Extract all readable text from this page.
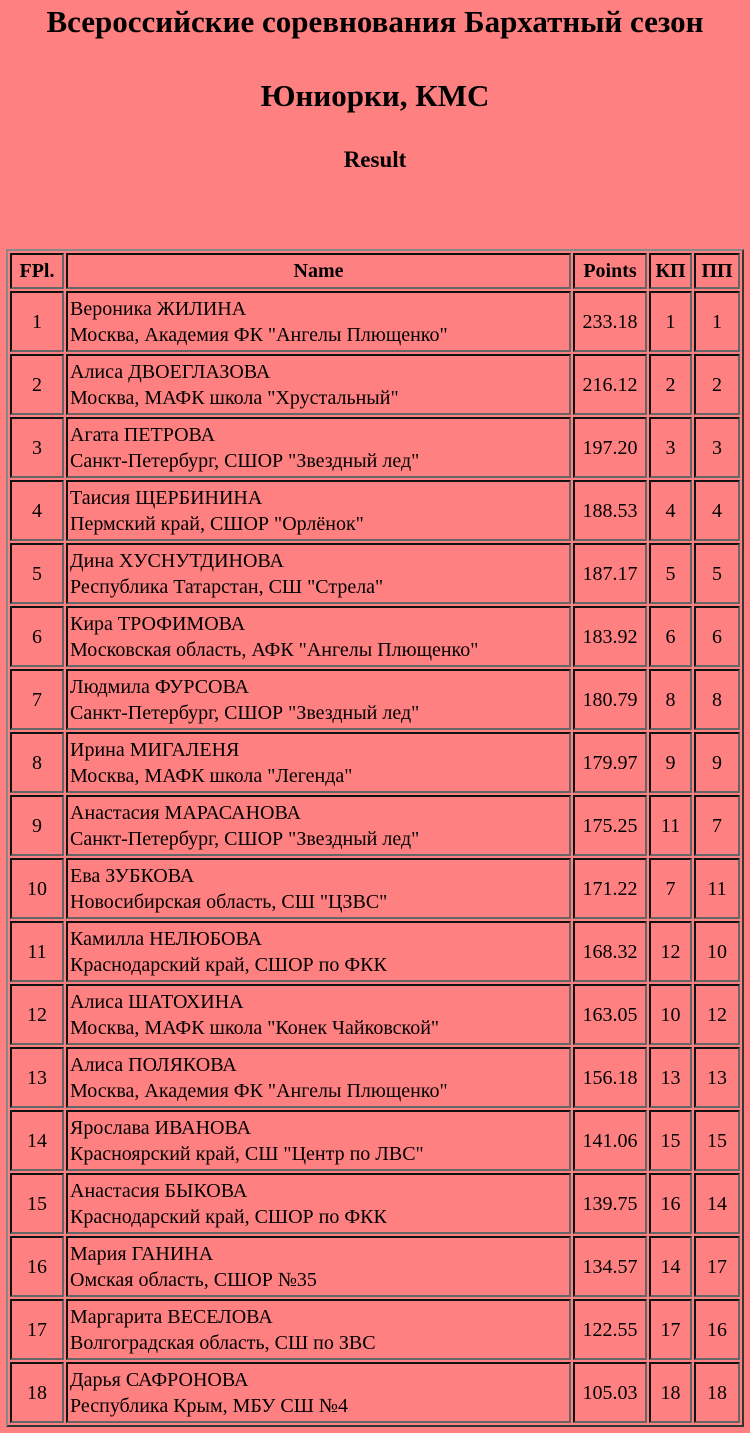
Всероссийские соревнования Бархатный сезон
Юниорки, КМС
Result
FPl.	Name	Points	КП	ПП
1	Вероника ЖИЛИНА
Москва, Академия ФК "Ангелы Плющенко"	233.18	1	1
2	Алиса ДВОЕГЛАЗОВА
Москва, МАФК школа "Хрустальный"	216.12	2	2
3	Агата ПЕТРОВА
Санкт-Петербург, СШОР "Звездный лед"	197.20	3	3
4	Таисия ЩЕРБИНИНА
Пермский край, СШОР "Орлёнок"	188.53	4	4
5	Дина ХУСНУТДИНОВА
Республика Татарстан, СШ "Стрела"	187.17	5	5
6	Кира ТРОФИМОВА
Московская область, АФК "Ангелы Плющенко"	183.92	6	6
7	Людмила ФУРСОВА
Санкт-Петербург, СШОР "Звездный лед"	180.79	8	8
8	Ирина МИГАЛЕНЯ
Москва, МАФК школа "Легенда"	179.97	9	9
9	Анастасия МАРАСАНОВА
Санкт-Петербург, СШОР "Звездный лед"	175.25	11	7
10	Ева ЗУБКОВА
Новосибирская область, СШ "ЦЗВС"	171.22	7	11
11	Камилла НЕЛЮБОВА
Краснодарский край, СШОР по ФКК	168.32	12	10
12	Алиса ШАТОХИНА
Москва, МАФК школа "Конек Чайковской"	163.05	10	12
13	Алиса ПОЛЯКОВА
Москва, Академия ФК "Ангелы Плющенко"	156.18	13	13
14	Ярослава ИВАНОВА
Красноярский край, СШ "Центр по ЛВС"	141.06	15	15
15	Анастасия БЫКОВА
Краснодарский край, СШОР по ФКК	139.75	16	14
16	Мария ГАНИНА
Омская область, СШОР №35	134.57	14	17
17	Маргарита ВЕСЕЛОВА
Волгоградская область, СШ по ЗВС	122.55	17	16
18	Дарья САФРОНОВА
Республика Крым, МБУ СШ №4	105.03	18	18
